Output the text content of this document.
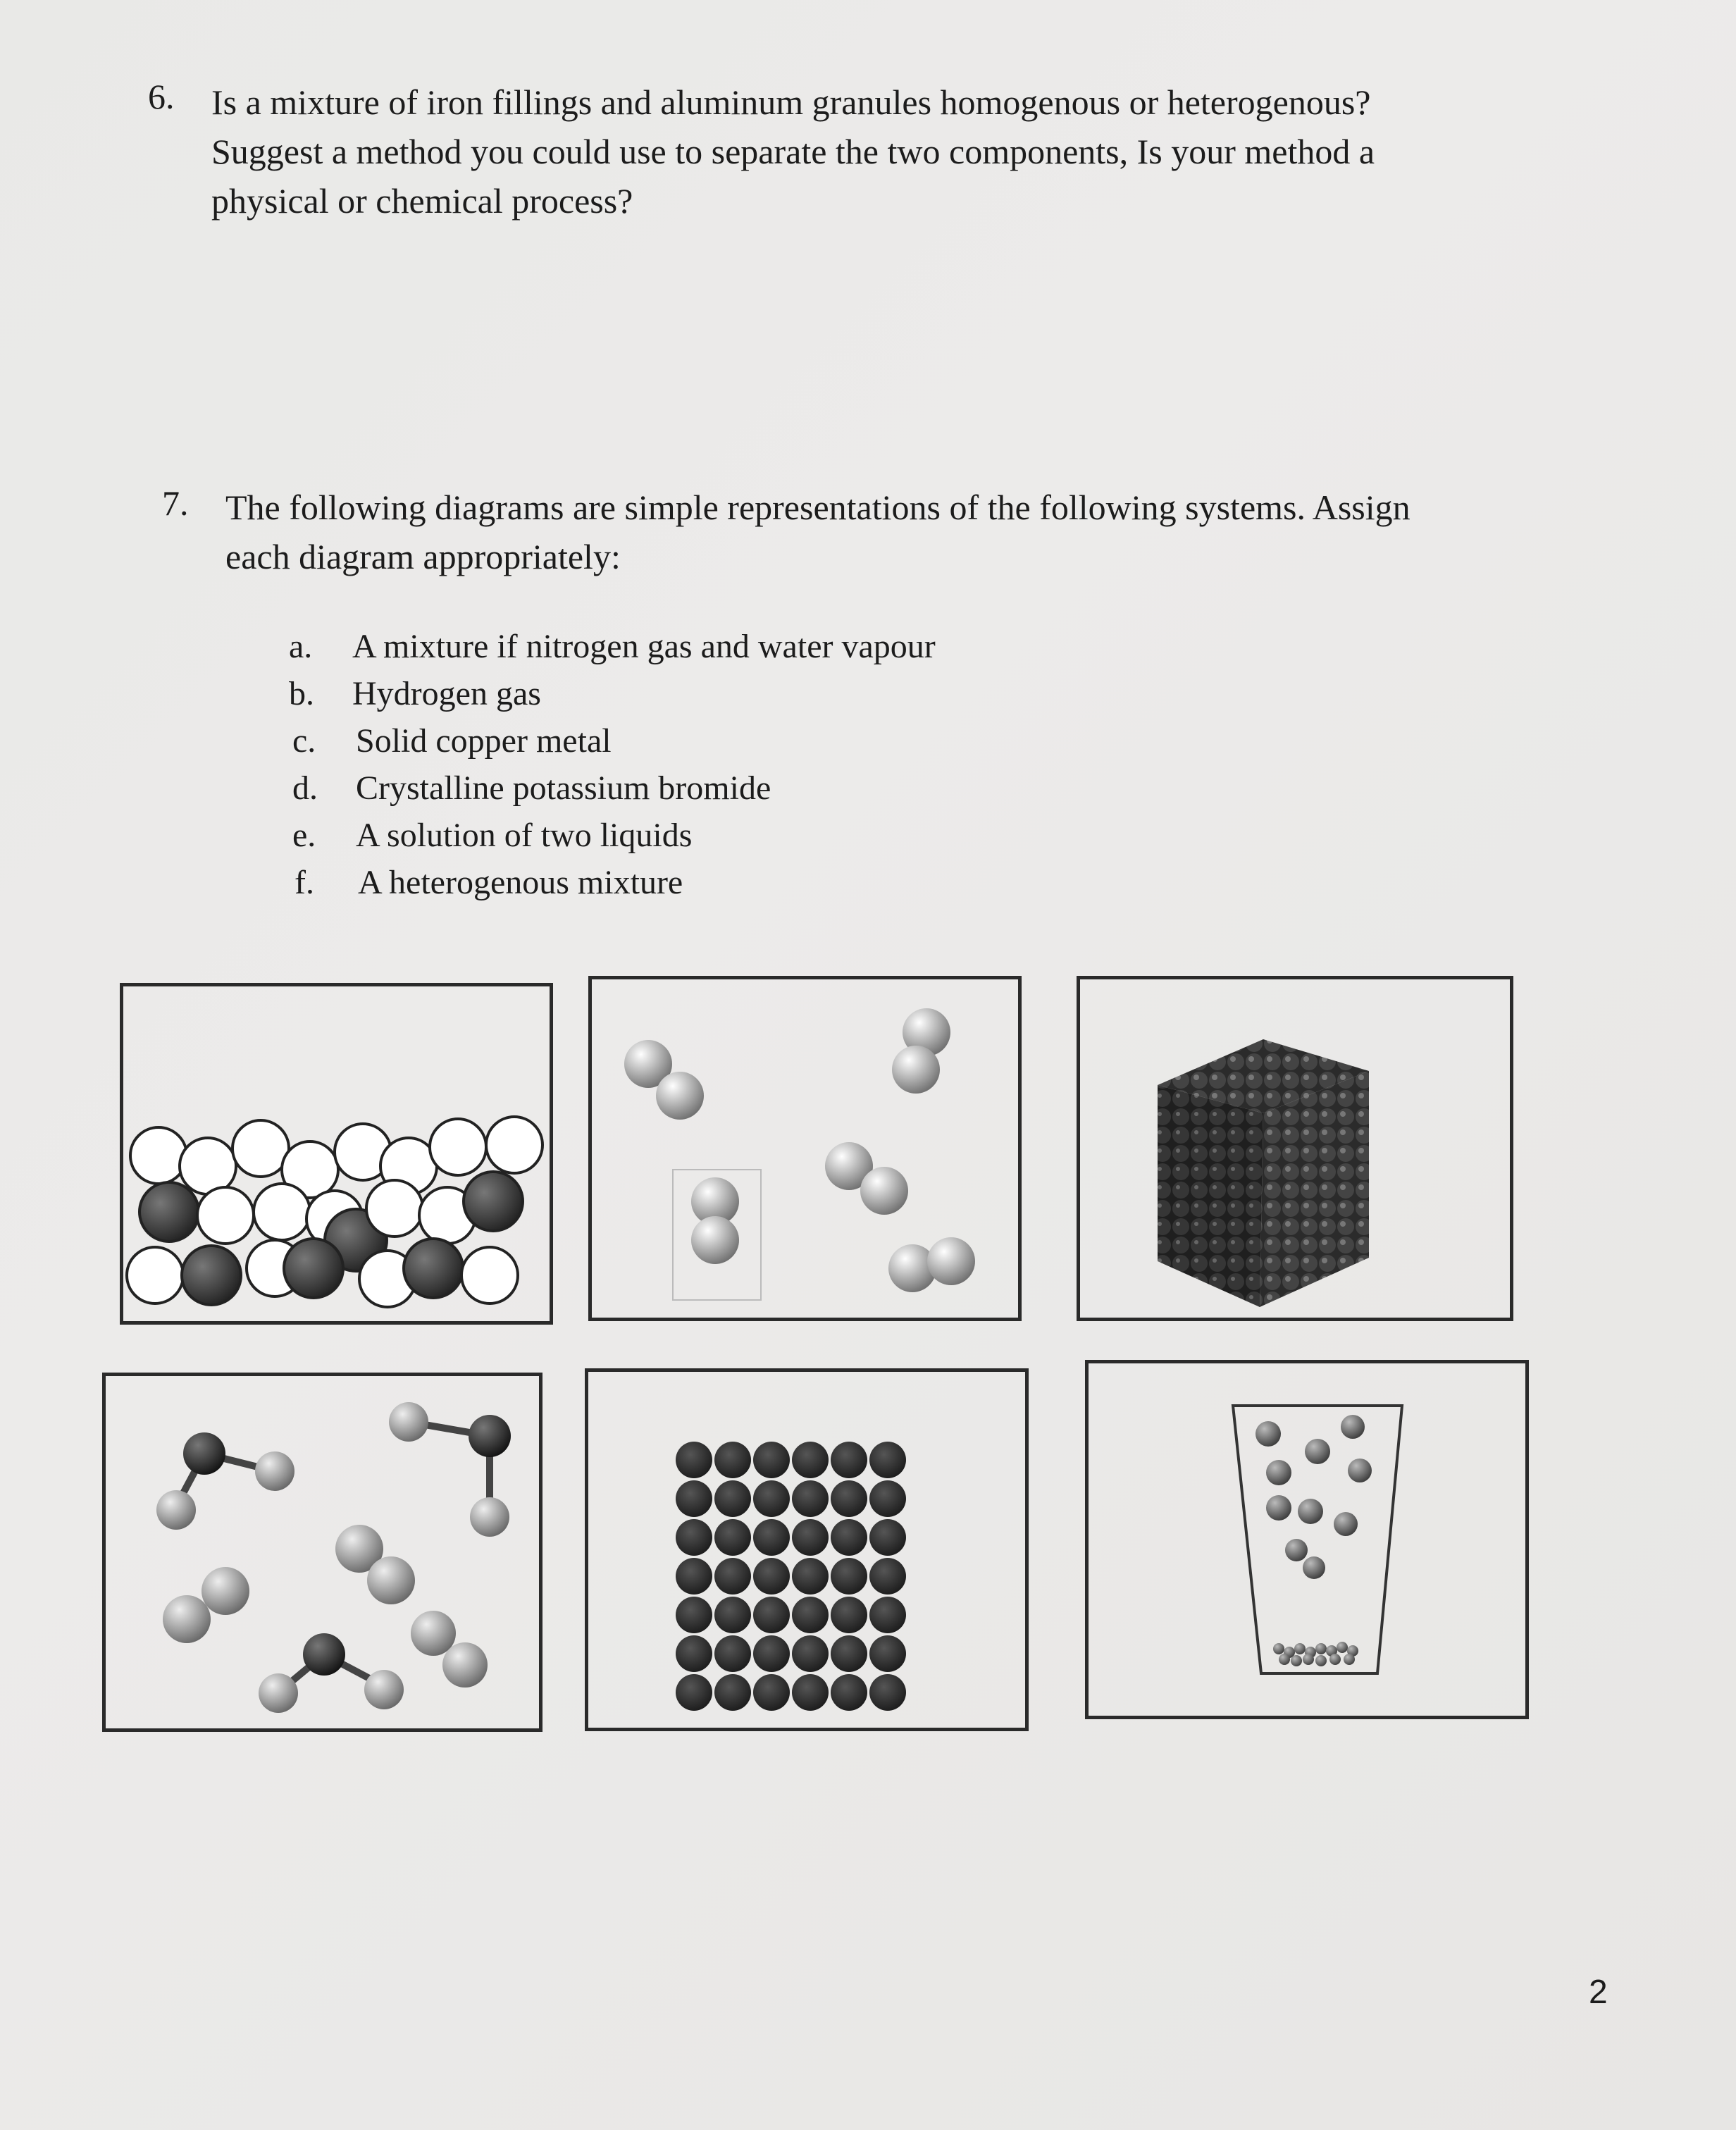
6. Is a mixture of iron fillings and aluminum granules homogenous or heterogenous?
Suggest a method you could use to separate the two components, Is your method a
physical or chemical process?
7. The following diagrams are simple representations of the following systems. Assign
each diagram appropriately:
a. A mixture if nitrogen gas and water vapour
b. Hydrogen gas
c. Solid copper metal
d. Crystalline potassium bromide
e. A solution of two liquids
f. A heterogenous mixture
2
